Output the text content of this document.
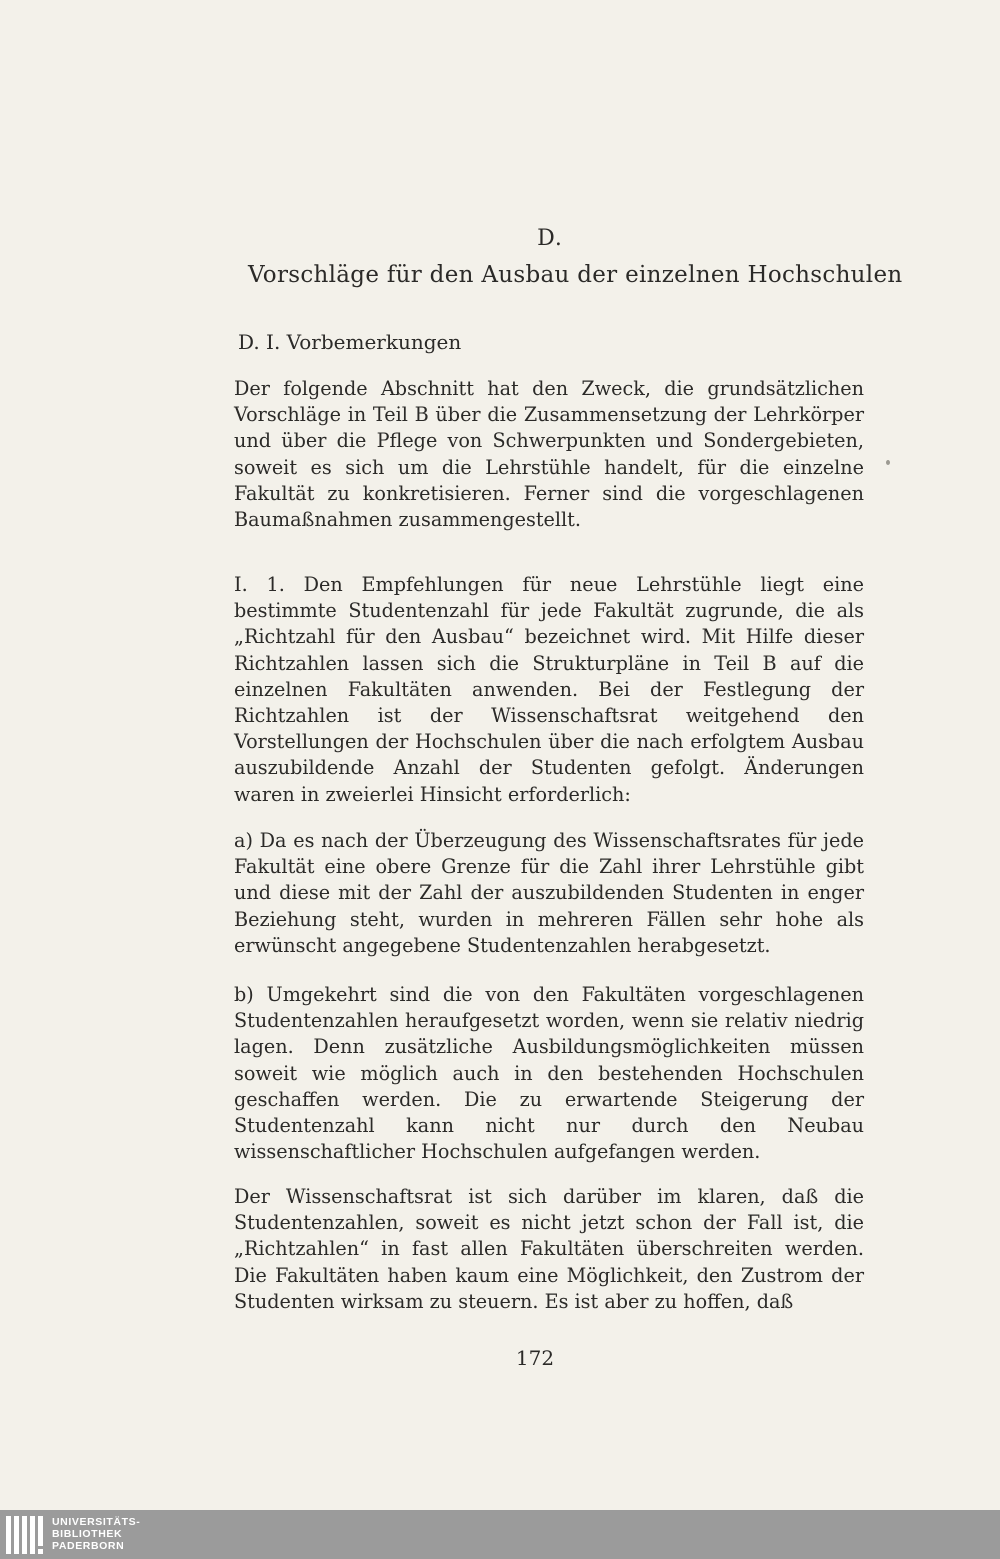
D.
Vorschläge für den Ausbau der einzelnen Hochschulen
D. I. Vorbemerkungen

Der folgende Abschnitt hat den Zweck, die grundsätzlichen Vorschläge in Teil B über die Zusammensetzung der Lehrkörper und über die Pflege von Schwerpunkten und Sondergebieten, soweit es sich um die Lehrstühle handelt, für die einzelne Fakultät zu konkretisieren. Ferner sind die vorgeschlagenen Baumaßnahmen zusammengestellt.

I. 1. Den Empfehlungen für neue Lehrstühle liegt eine bestimmte Studentenzahl für jede Fakultät zugrunde, die als „Richtzahl für den Ausbau“ bezeichnet wird. Mit Hilfe dieser Richtzahlen lassen sich die Strukturpläne in Teil B auf die einzelnen Fakultäten anwenden. Bei der Festlegung der Richtzahlen ist der Wissenschaftsrat weitgehend den Vorstellungen der Hochschulen über die nach erfolgtem Ausbau auszubildende Anzahl der Studenten gefolgt. Änderungen waren in zweierlei Hinsicht erforderlich:

a) Da es nach der Überzeugung des Wissenschaftsrates für jede Fakultät eine obere Grenze für die Zahl ihrer Lehrstühle gibt und diese mit der Zahl der auszubildenden Studenten in enger Beziehung steht, wurden in mehreren Fällen sehr hohe als erwünscht angegebene Studentenzahlen herabgesetzt.

b) Umgekehrt sind die von den Fakultäten vorgeschlagenen Studentenzahlen heraufgesetzt worden, wenn sie relativ niedrig lagen. Denn zusätzliche Ausbildungsmöglichkeiten müssen soweit wie möglich auch in den bestehenden Hochschulen geschaffen werden. Die zu erwartende Steigerung der Studentenzahl kann nicht nur durch den Neubau wissenschaftlicher Hochschulen aufgefangen werden.

Der Wissenschaftsrat ist sich darüber im klaren, daß die Studentenzahlen, soweit es nicht jetzt schon der Fall ist, die „Richtzahlen“ in fast allen Fakultäten überschreiten werden. Die Fakultäten haben kaum eine Möglichkeit, den Zustrom der Studenten wirksam zu steuern. Es ist aber zu hoffen, daß

172
UNIVERSITÄTS-
BIBLIOTHEK
PADERBORN
